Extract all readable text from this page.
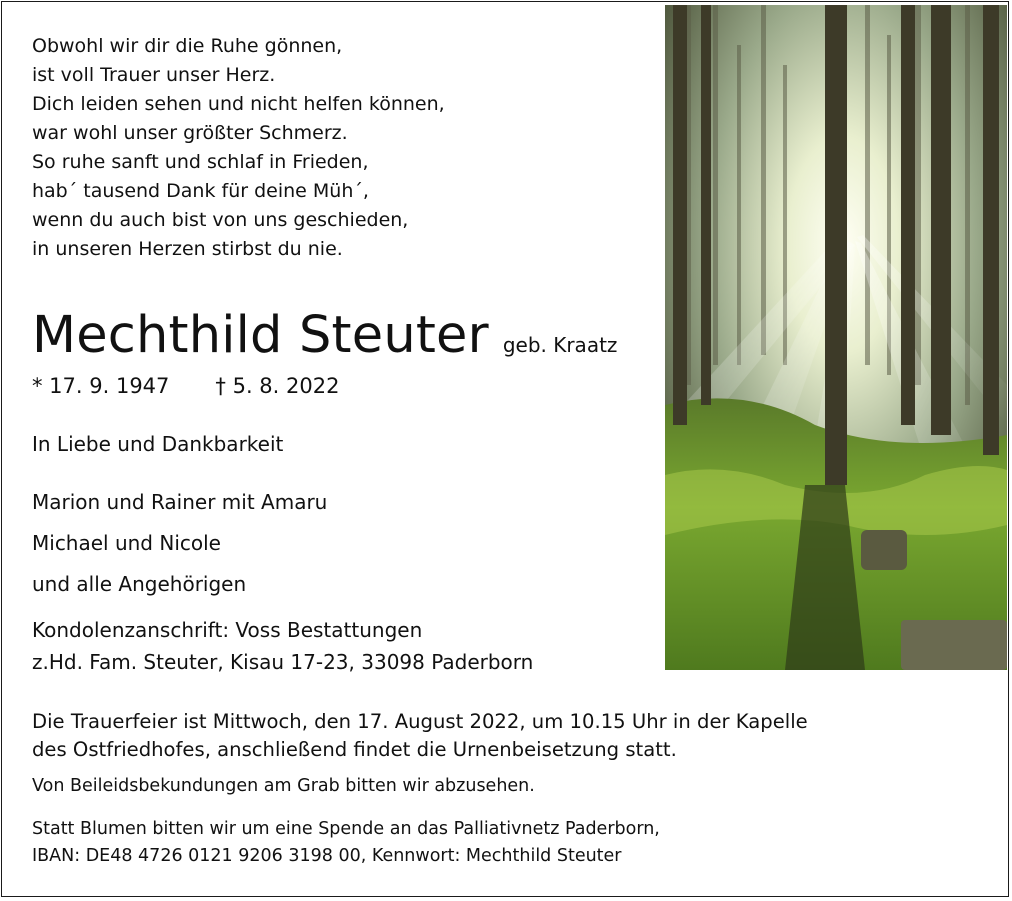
Obwohl wir dir die Ruhe gönnen,
ist voll Trauer unser Herz.
Dich leiden sehen und nicht helfen können,
war wohl unser größter Schmerz.
So ruhe sanft und schlaf in Frieden,
hab´ tausend Dank für deine Müh´,
wenn du auch bist von uns geschieden,
in unseren Herzen stirbst du nie.
Mechthild Steuter geb. Kraatz
* 17. 9. 1947 † 5. 8. 2022
In Liebe und Dankbarkeit
Marion und Rainer mit Amaru
Michael und Nicole
und alle Angehörigen
Kondolenzanschrift: Voss Bestattungen
z.Hd. Fam. Steuter, Kisau 17-23, 33098 Paderborn
Die Trauerfeier ist Mittwoch, den 17. August 2022, um 10.15 Uhr in der Kapelle
des Ostfriedhofes, anschließend findet die Urnenbeisetzung statt.
Von Beileidsbekundungen am Grab bitten wir abzusehen.
Statt Blumen bitten wir um eine Spende an das Palliativnetz Paderborn,
IBAN: DE48 4726 0121 9206 3198 00, Kennwort: Mechthild Steuter
